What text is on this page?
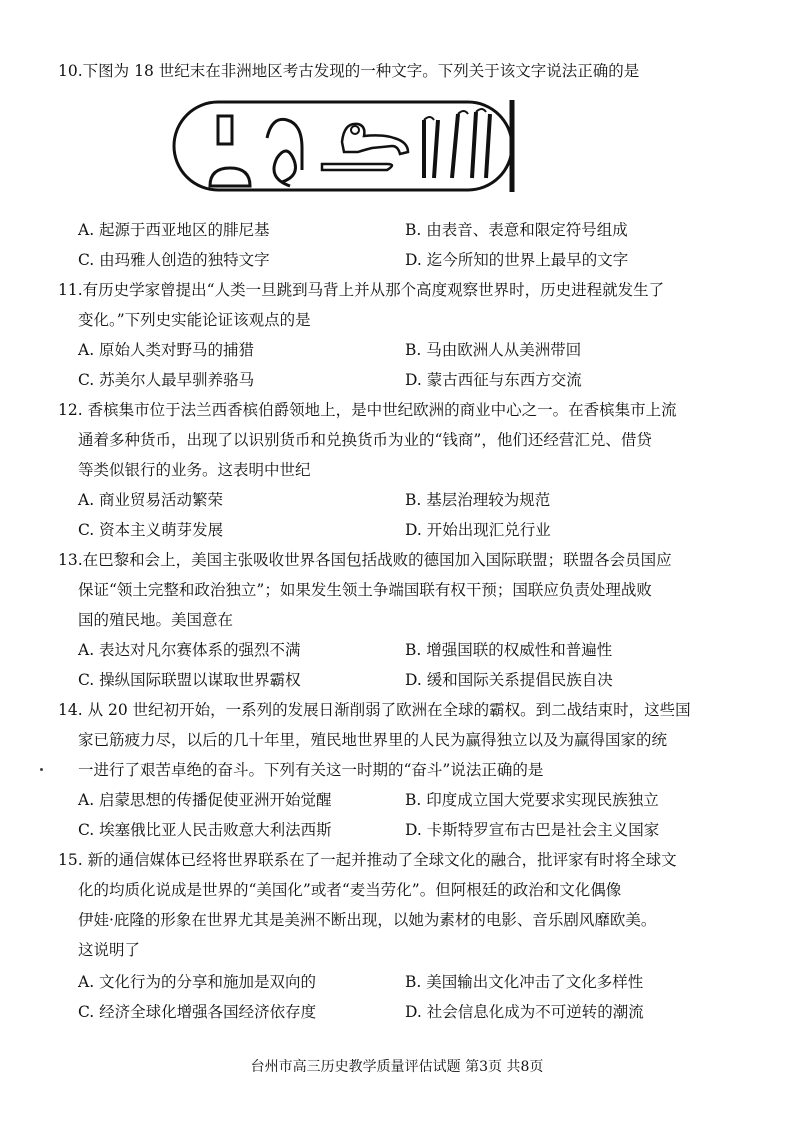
10.下图为 18 世纪末在非洲地区考古发现的一种文字。下列关于该文字说法正确的是
A. 起源于西亚地区的腓尼基	B. 由表音、表意和限定符号组成
C. 由玛雅人创造的独特文字	D. 迄今所知的世界上最早的文字
11.有历史学家曾提出“人类一旦跳到马背上并从那个高度观察世界时，历史进程就发生了
变化。”下列史实能论证该观点的是
A. 原始人类对野马的捕猎	B. 马由欧洲人从美洲带回
C. 苏美尔人最早驯养骆马	D. 蒙古西征与东西方交流
12. 香槟集市位于法兰西香槟伯爵领地上，是中世纪欧洲的商业中心之一。在香槟集市上流
通着多种货币，出现了以识别货币和兑换货币为业的“钱商”，他们还经营汇兑、借贷
等类似银行的业务。这表明中世纪
A. 商业贸易活动繁荣	B. 基层治理较为规范
C. 资本主义萌芽发展	D. 开始出现汇兑行业
13.在巴黎和会上，美国主张吸收世界各国包括战败的德国加入国际联盟；联盟各会员国应
保证“领土完整和政治独立”；如果发生领土争端国联有权干预；国联应负责处理战败
国的殖民地。美国意在
A. 表达对凡尔赛体系的强烈不满	B. 增强国联的权威性和普遍性
C. 操纵国际联盟以谋取世界霸权	D. 缓和国际关系提倡民族自决
14. 从 20 世纪初开始，一系列的发展日渐削弱了欧洲在全球的霸权。到二战结束时，这些国
家已筋疲力尽，以后的几十年里，殖民地世界里的人民为赢得独立以及为赢得国家的统
一进行了艰苦卓绝的奋斗。下列有关这一时期的“奋斗”说法正确的是
A. 启蒙思想的传播促使亚洲开始觉醒	B. 印度成立国大党要求实现民族独立
C. 埃塞俄比亚人民击败意大利法西斯	D. 卡斯特罗宣布古巴是社会主义国家
15. 新的通信媒体已经将世界联系在了一起并推动了全球文化的融合，批评家有时将全球文
化的均质化说成是世界的“美国化”或者“麦当劳化”。但阿根廷的政治和文化偶像
伊娃·庇隆的形象在世界尤其是美洲不断出现，以她为素材的电影、音乐剧风靡欧美。
这说明了
A. 文化行为的分享和施加是双向的	B. 美国输出文化冲击了文化多样性
C. 经济全球化增强各国经济依存度	D. 社会信息化成为不可逆转的潮流
台州市高三历史教学质量评估试题 第3页 共8页
